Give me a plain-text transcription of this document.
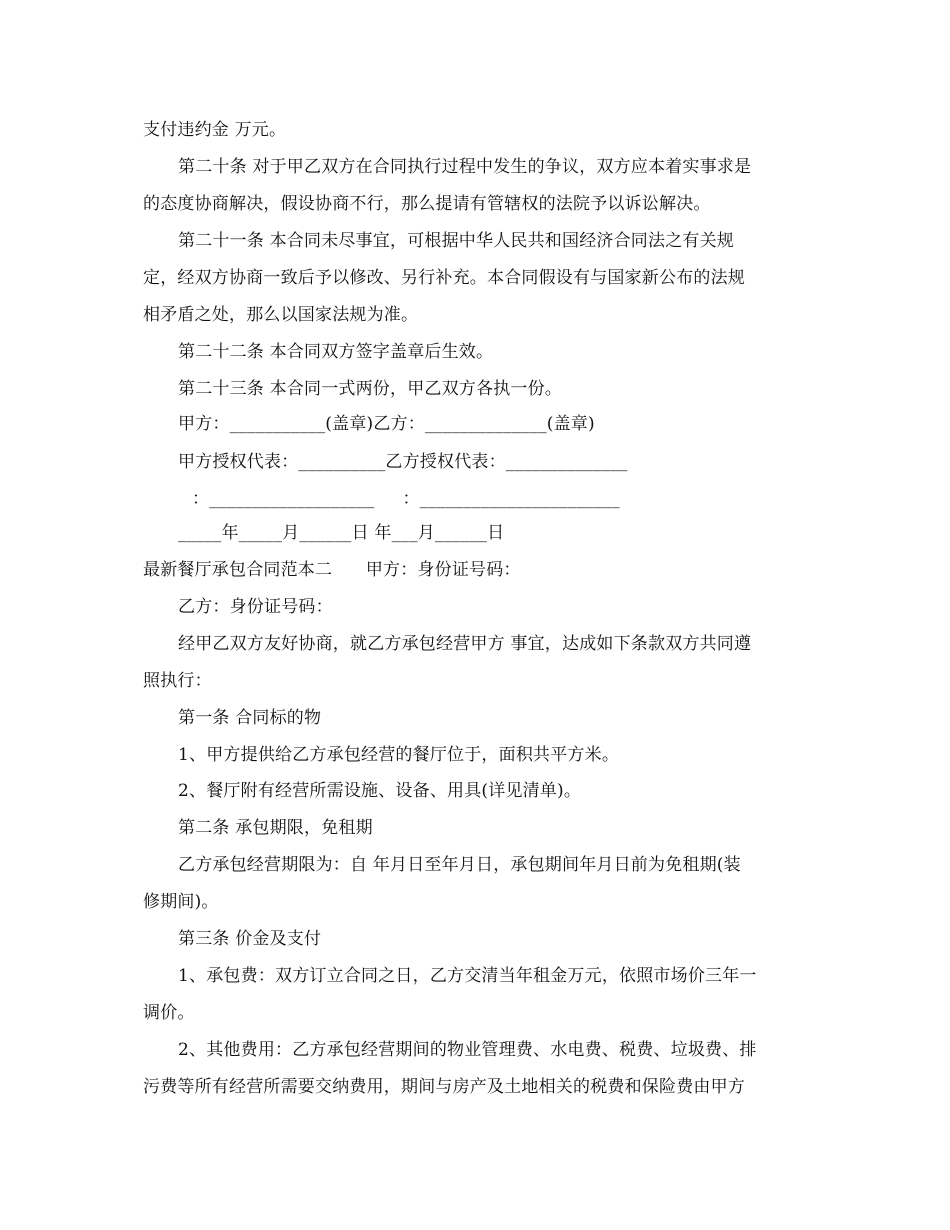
支付违约金 万元。
第二十条 对于甲乙双方在合同执行过程中发生的争议，双方应本着实事求是
的态度协商解决，假设协商不行，那么提请有管辖权的法院予以诉讼解决。
第二十一条 本合同未尽事宜，可根据中华人民共和国经济合同法之有关规
定，经双方协商一致后予以修改、另行补充。本合同假设有与国家新公布的法规
相矛盾之处，那么以国家法规为准。
第二十二条 本合同双方签字盖章后生效。
第二十三条 本合同一式两份，甲乙双方各执一份。
甲方：___________(盖章)乙方：______________(盖章)
甲方授权代表：__________乙方授权代表：______________
：___________________     ：_______________________
_____年_____月______日 年___月______日
最新餐厅承包合同范本二      甲方：身份证号码：
乙方：身份证号码：
经甲乙双方友好协商，就乙方承包经营甲方 事宜，达成如下条款双方共同遵
照执行：
第一条 合同标的物
1、甲方提供给乙方承包经营的餐厅位于，面积共平方米。
2、餐厅附有经营所需设施、设备、用具(详见清单)。
第二条 承包期限，免租期
乙方承包经营期限为：自 年月日至年月日，承包期间年月日前为免租期(装
修期间)。
第三条 价金及支付
1、承包费：双方订立合同之日，乙方交清当年租金万元，依照市场价三年一
调价。
2、其他费用：乙方承包经营期间的物业管理费、水电费、税费、垃圾费、排
污费等所有经营所需要交纳费用，期间与房产及土地相关的税费和保险费由甲方
